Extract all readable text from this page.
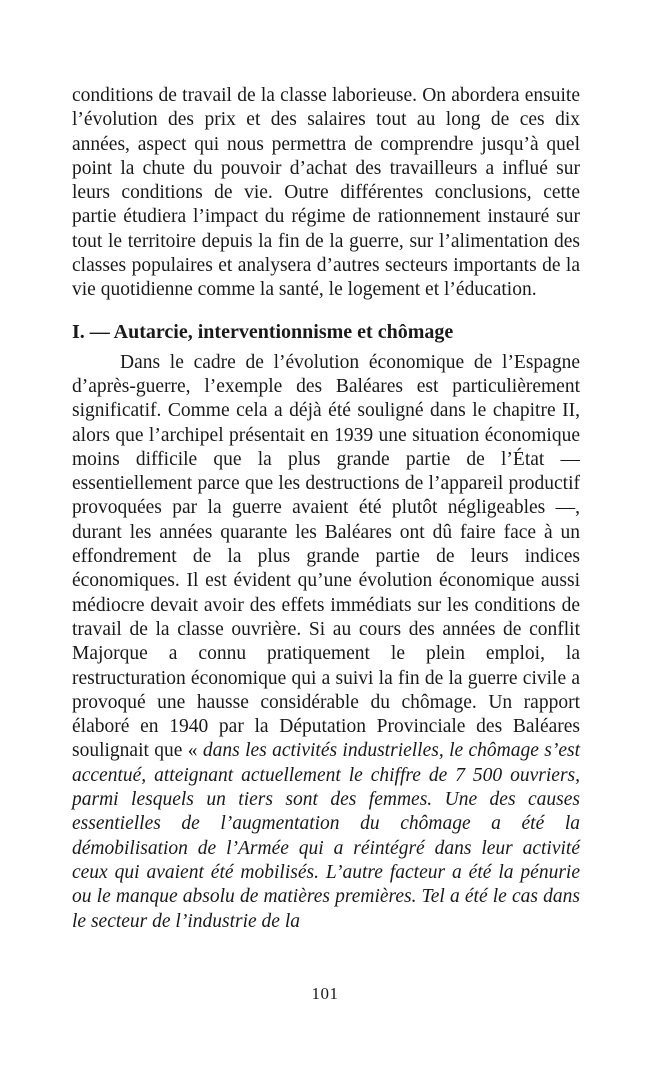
conditions de travail de la classe laborieuse. On abordera ensuite l’évolution des prix et des salaires tout au long de ces dix années, aspect qui nous permettra de comprendre jusqu’à quel point la chute du pouvoir d’achat des travailleurs a influé sur leurs conditions de vie. Outre différentes conclusions, cette partie étudiera l’impact du régime de rationnement instauré sur tout le territoire depuis la fin de la guerre, sur l’alimentation des classes populaires et analysera d’autres secteurs importants de la vie quotidienne comme la santé, le logement et l’éducation.

I. — Autarcie, interventionnisme et chômage

Dans le cadre de l’évolution économique de l’Espagne d’après-guerre, l’exemple des Baléares est particulièrement significatif. Comme cela a déjà été souligné dans le chapitre II, alors que l’archipel présentait en 1939 une situation économique moins difficile que la plus grande partie de l’État — essentiellement parce que les destructions de l’appareil productif provoquées par la guerre avaient été plutôt négligeables —, durant les années quarante les Baléares ont dû faire face à un effondrement de la plus grande partie de leurs indices économiques. Il est évident qu’une évolution économique aussi médiocre devait avoir des effets immédiats sur les conditions de travail de la classe ouvrière. Si au cours des années de conflit Majorque a connu pratiquement le plein emploi, la restructuration économique qui a suivi la fin de la guerre civile a provoqué une hausse considérable du chômage. Un rapport élaboré en 1940 par la Députation Provinciale des Baléares soulignait que « dans les activités industrielles, le chômage s’est accentué, atteignant actuellement le chiffre de 7 500 ouvriers, parmi lesquels un tiers sont des femmes. Une des causes essentielles de l’augmentation du chômage a été la démobilisation de l’Armée qui a réintégré dans leur activité ceux qui avaient été mobilisés. L’autre facteur a été la pénurie ou le manque absolu de matières premières. Tel a été le cas dans le secteur de l’industrie de la

101
